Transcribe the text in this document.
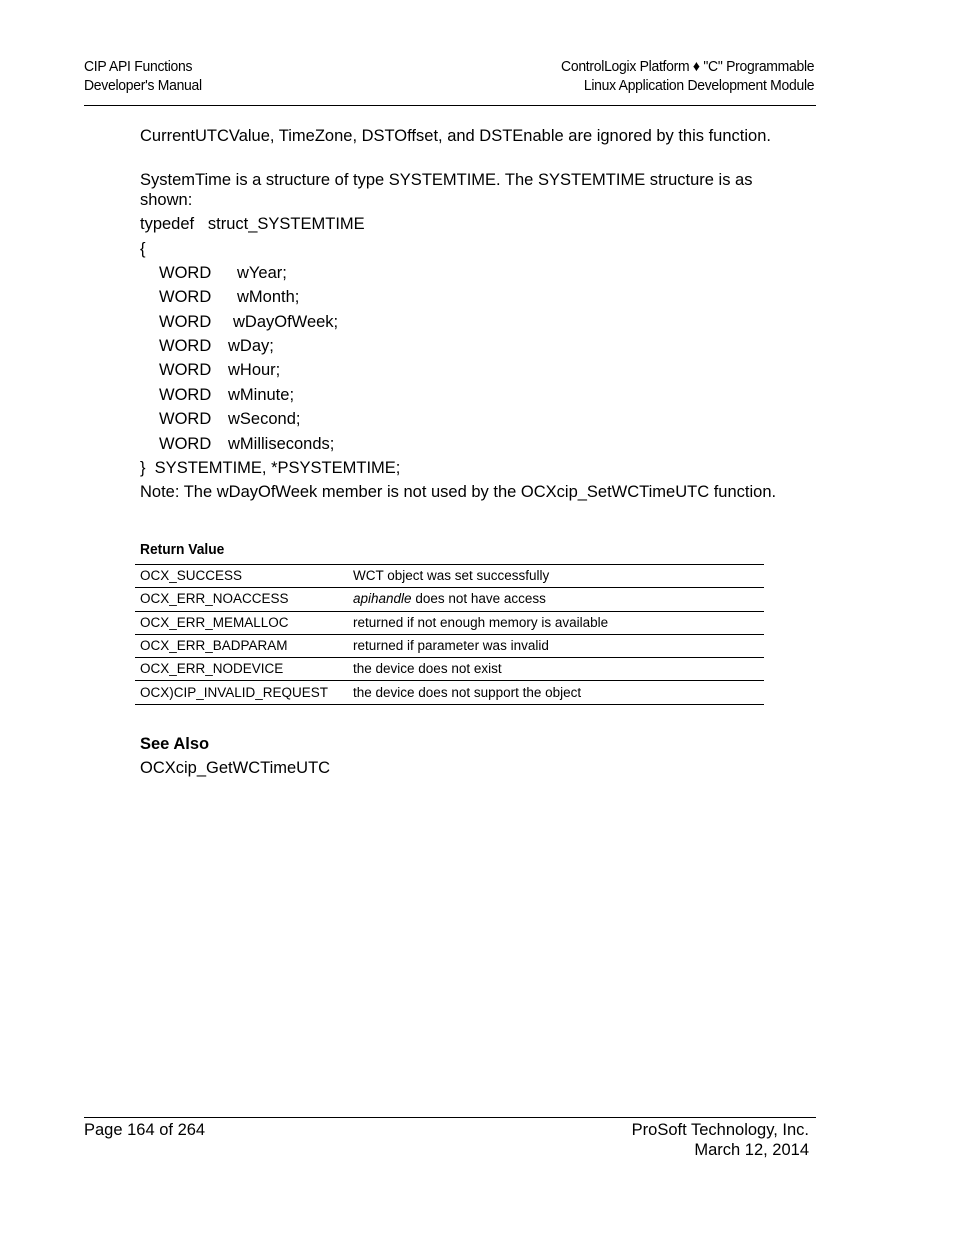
CIP API Functions
Developer's Manual
ControlLogix Platform ♦ "C" Programmable
Linux Application Development Module
CurrentUTCValue, TimeZone, DSTOffset, and DSTEnable are ignored by this function.
SystemTime is a structure of type SYSTEMTIME. The SYSTEMTIME structure is as shown:
typedef   struct_SYSTEMTIME
{
WORD wYear;
WORD wMonth;
WORD wDayOfWeek;
WORD wDay;
WORD wHour;
WORD wMinute;
WORD wSecond;
WORD wMilliseconds;
}  SYSTEMTIME, *PSYSTEMTIME;
Note: The wDayOfWeek member is not used by the OCXcip_SetWCTimeUTC function.
Return Value
OCX_SUCCESS	WCT object was set successfully
OCX_ERR_NOACCESS	apihandle does not have access
OCX_ERR_MEMALLOC	returned if not enough memory is available
OCX_ERR_BADPARAM	returned if parameter was invalid
OCX_ERR_NODEVICE	the device does not exist
OCX)CIP_INVALID_REQUEST	the device does not support the object
See Also
OCXcip_GetWCTimeUTC
Page 164 of 264	ProSoft Technology, Inc.
March 12, 2014
